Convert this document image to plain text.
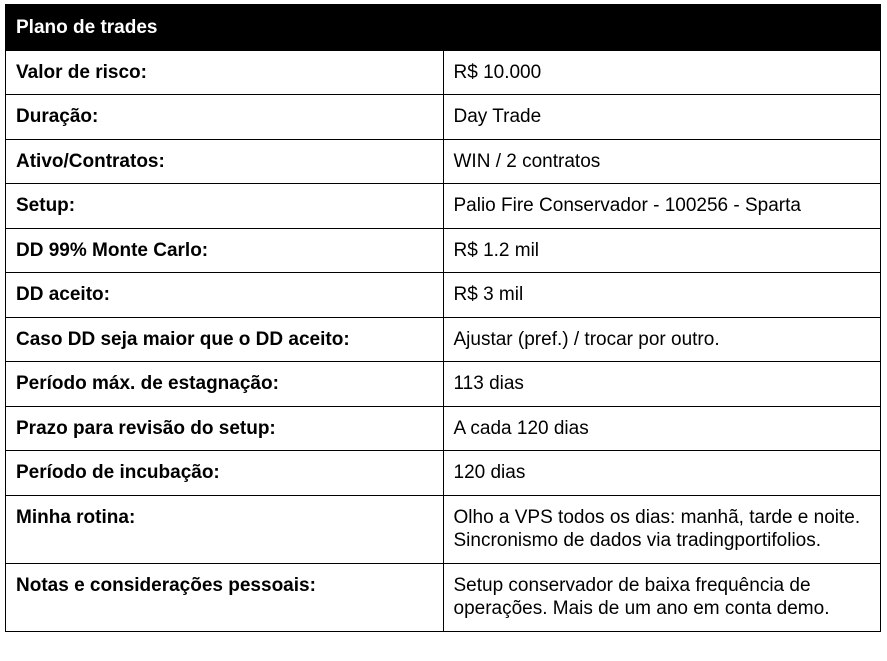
Plano de trades	
Valor de risco:	R$ 10.000
Duração:	Day Trade
Ativo/Contratos:	WIN / 2 contratos
Setup:	Palio Fire Conservador - 100256 - Sparta
DD 99% Monte Carlo:	R$ 1.2 mil
DD aceito:	R$ 3 mil
Caso DD seja maior que o DD aceito:	Ajustar (pref.) / trocar por outro.
Período máx. de estagnação:	113 dias
Prazo para revisão do setup:	A cada 120 dias
Período de incubação:	120 dias
Minha rotina:	Olho a VPS todos os dias: manhã, tarde e noite. Sincronismo de dados via tradingportifolios.
Notas e considerações pessoais:	Setup conservador de baixa frequência de operações. Mais de um ano em conta demo.
